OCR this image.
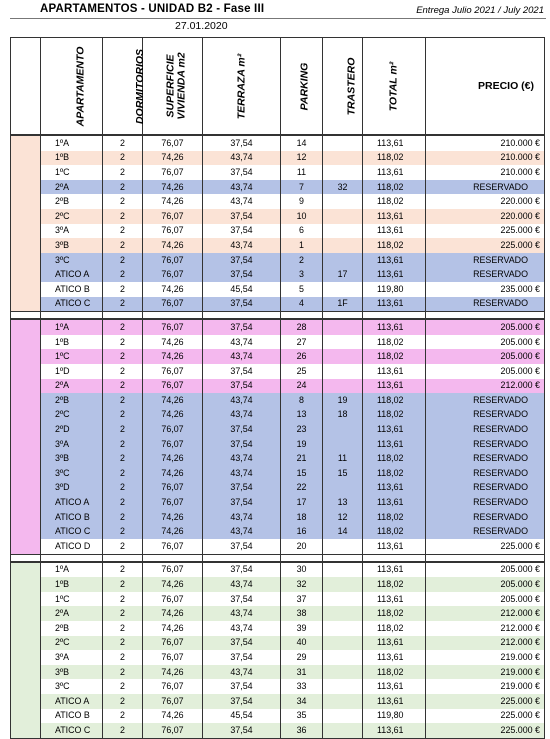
APARTAMENTOS - UNIDAD B2 - Fase III	Entrega Julio 2021 / July 2021
27.01.2020
	APARTAMENTO	DORMITORIOS	SUPERFICIE
VIVIENDA m2	TERRAZA m²	PARKING	TRASTERO	TOTAL m²	PRECIO (€)
	1ºA	2	76,07	37,54	14		113,61	210.000 €
	1ºB	2	74,26	43,74	12		118,02	210.000 €
	1ºC	2	76,07	37,54	11		113,61	210.000 €
	2ºA	2	74,26	43,74	7	32	118,02	RESERVADO
	2ºB	2	74,26	43,74	9		118,02	220.000 €
	2ºC	2	76,07	37,54	10		113,61	220.000 €
	3ºA	2	76,07	37,54	6		113,61	225.000 €
	3ºB	2	74,26	43,74	1		118,02	225.000 €
	3ºC	2	76,07	37,54	2		113,61	RESERVADO
	ATICO A	2	76,07	37,54	3	17	113,61	RESERVADO
	ATICO B	2	74,26	45,54	5		119,80	235.000 €
	ATICO C	2	76,07	37,54	4	1F	113,61	RESERVADO

	1ºA	2	76,07	37,54	28		113,61	205.000 €
	1ºB	2	74,26	43,74	27		118,02	205.000 €
	1ºC	2	74,26	43,74	26		118,02	205.000 €
	1ºD	2	76,07	37,54	25		113,61	205.000 €
	2ºA	2	76,07	37,54	24		113,61	212.000 €
	2ºB	2	74,26	43,74	8	19	118,02	RESERVADO
	2ºC	2	74,26	43,74	13	18	118,02	RESERVADO
	2ºD	2	76,07	37,54	23		113,61	RESERVADO
	3ºA	2	76,07	37,54	19		113,61	RESERVADO
	3ºB	2	74,26	43,74	21	11	118,02	RESERVADO
	3ºC	2	74,26	43,74	15	15	118,02	RESERVADO
	3ºD	2	76,07	37,54	22		113,61	RESERVADO
	ATICO A	2	76,07	37,54	17	13	113,61	RESERVADO
	ATICO B	2	74,26	43,74	18	12	118,02	RESERVADO
	ATICO C	2	74,26	43,74	16	14	118,02	RESERVADO
	ATICO D	2	76,07	37,54	20		113,61	225.000 €

	1ºA	2	76,07	37,54	30		113,61	205.000 €
	1ºB	2	74,26	43,74	32		118,02	205.000 €
	1ºC	2	76,07	37,54	37		113,61	205.000 €
	2ºA	2	74,26	43,74	38		118,02	212.000 €
	2ºB	2	74,26	43,74	39		118,02	212.000 €
	2ºC	2	76,07	37,54	40		113,61	212.000 €
	3ºA	2	76,07	37,54	29		113,61	219.000 €
	3ºB	2	74,26	43,74	31		118,02	219.000 €
	3ºC	2	76,07	37,54	33		113,61	219.000 €
	ATICO A	2	76,07	37,54	34		113,61	225.000 €
	ATICO B	2	74,26	45,54	35		119,80	225.000 €
	ATICO C	2	76,07	37,54	36		113,61	225.000 €
